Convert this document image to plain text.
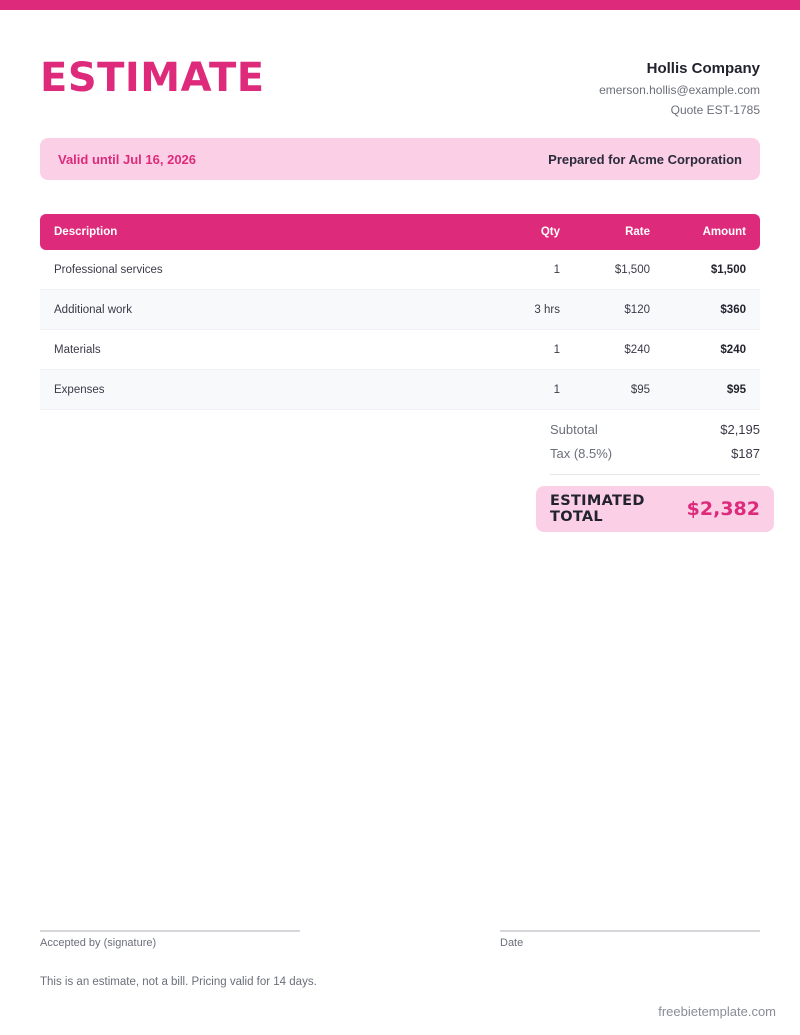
ESTIMATE	Hollis Company
emerson.hollis@example.com
Quote EST-1785
Valid until Jul 16, 2026	Prepared for Acme Corporation
Description	Qty	Rate	Amount
Professional services	1	$1,500	$1,500
Additional work	3 hrs	$120	$360
Materials	1	$240	$240
Expenses	1	$95	$95
Subtotal	$2,195
Tax (8.5%)	$187
ESTIMATED TOTAL	$2,382
Accepted by (signature)	Date
This is an estimate, not a bill. Pricing valid for 14 days.
freebietemplate.com
